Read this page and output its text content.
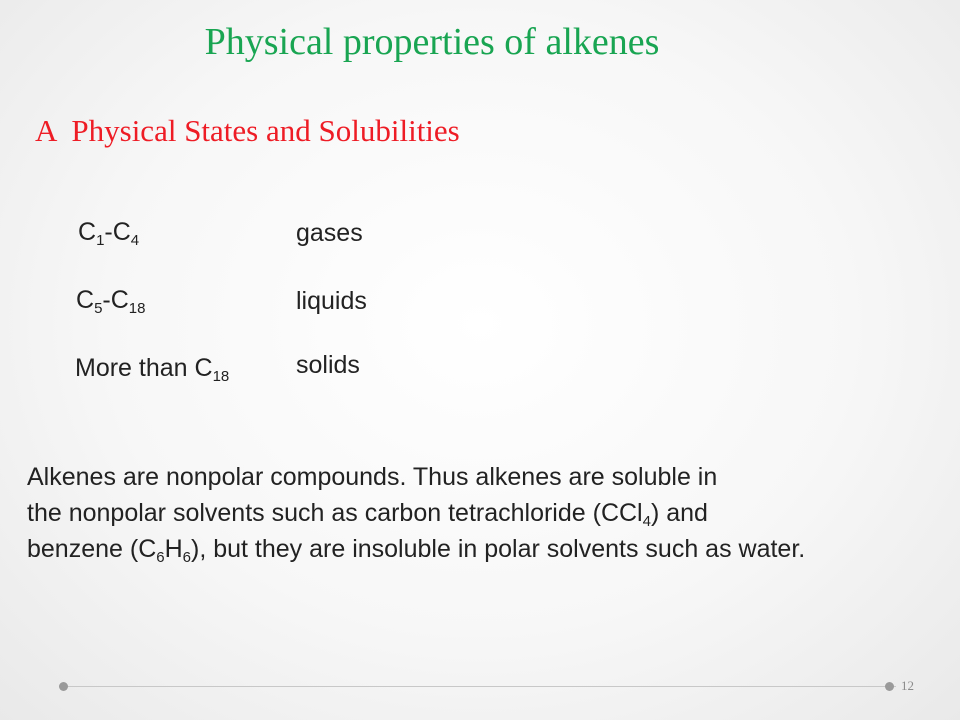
Physical properties of alkenes
A Physical States and Solubilities
$C_1-C_4$	gases
$C_5-C_{18}$	liquids
More than $C_{18}$	solids
Alkenes are nonpolar compounds. Thus alkenes are soluble in
the nonpolar solvents such as carbon tetrachloride (CCl$_4$) and
benzene $(C_6H_6)$, but they are insoluble in polar solvents such as water.
12
